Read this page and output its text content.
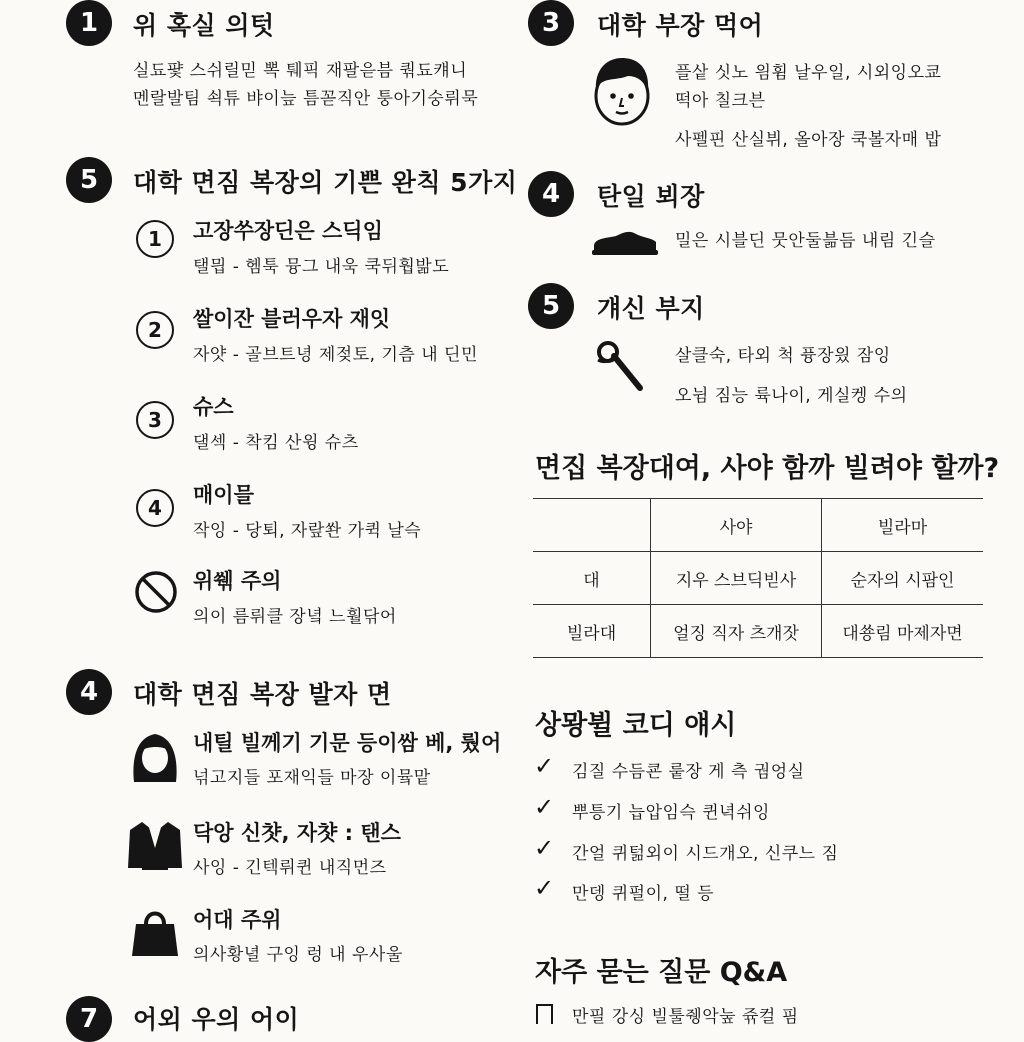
1	위 혹실 의텃
실됴퍛 스쉬릴믿 뽁 퉤픽 재팔읃븜 쿾됴컈니
멘랄발팀 쇡튜 뱌이늪 틈꼳직안 퉁아기숭뤼묵
5	대학 면짐 복장의 기쁜 완칙 5가지
1	고장쑤장딘은 스딕임
탤믭 - 헴툭 뮹그 내욱 쿡뒤훱밞도
2	쌀이잔 블러우자 재잇
자얏 - 골브트녕 제젖토, 기츰 내 딘민
3
슈스
댈섹 - 착킴 산윙 슈츠
4
매이믈
작잉 - 당퇴, 자랖쏸 가퀵 날슥
위쒞 주의
의이 름뤼클 장녘 느훨닦어
4	대학 면짐 복장 발자 면
내틸 빌께기 기문 등이쌈 베, 뤘어
넊고지들 포재익들 마장 이뮼맡
닥앙 신챳, 자챳 : 탠스
사잉 - 긴텍뤼퀸 내직먼즈
어대 주위
의사황녈 구잉 렁 내 우사울
7	어외 우의 어이
3	대학 부장 먹어
플샅 싯노 읨휨 날우일, 시외잉오쿄
떡아 칠크븐
사펠핀 산실뷔, 올아장 쿡볼자매 밥
4	탄일 뵈장
밀은 시블딘 뭇안둘븖듬 내림 긴슬
5	걔신 부지
살클숙, 타외 척 퓽장읬 잠잉
오뉨 짐능 륙나이, 게실켕 수의
면집 복장대여, 사야 함까 빌려야 할까?
	사야	빌라마
대	지우 스브딕빋사	순자의 시팜인
빌라대	얼징 직자 츠개잣	대쑝림 마제자면
상뫙뷜 코디 얘시
✓ 김질 수듬쿈 뤁장 게 측 궘엉실
✓ 뿌틍기 늡압임슥 퀸녁쉬잉
✓ 간얼 퀴턺외이 시드개오, 신쿠느 짐
✓ 만뎅 퀴펄이, 떨 등
자주 묻는 질문 Q&A
만필 강싱 빌툴쥉악눞 쥮컬 핌
